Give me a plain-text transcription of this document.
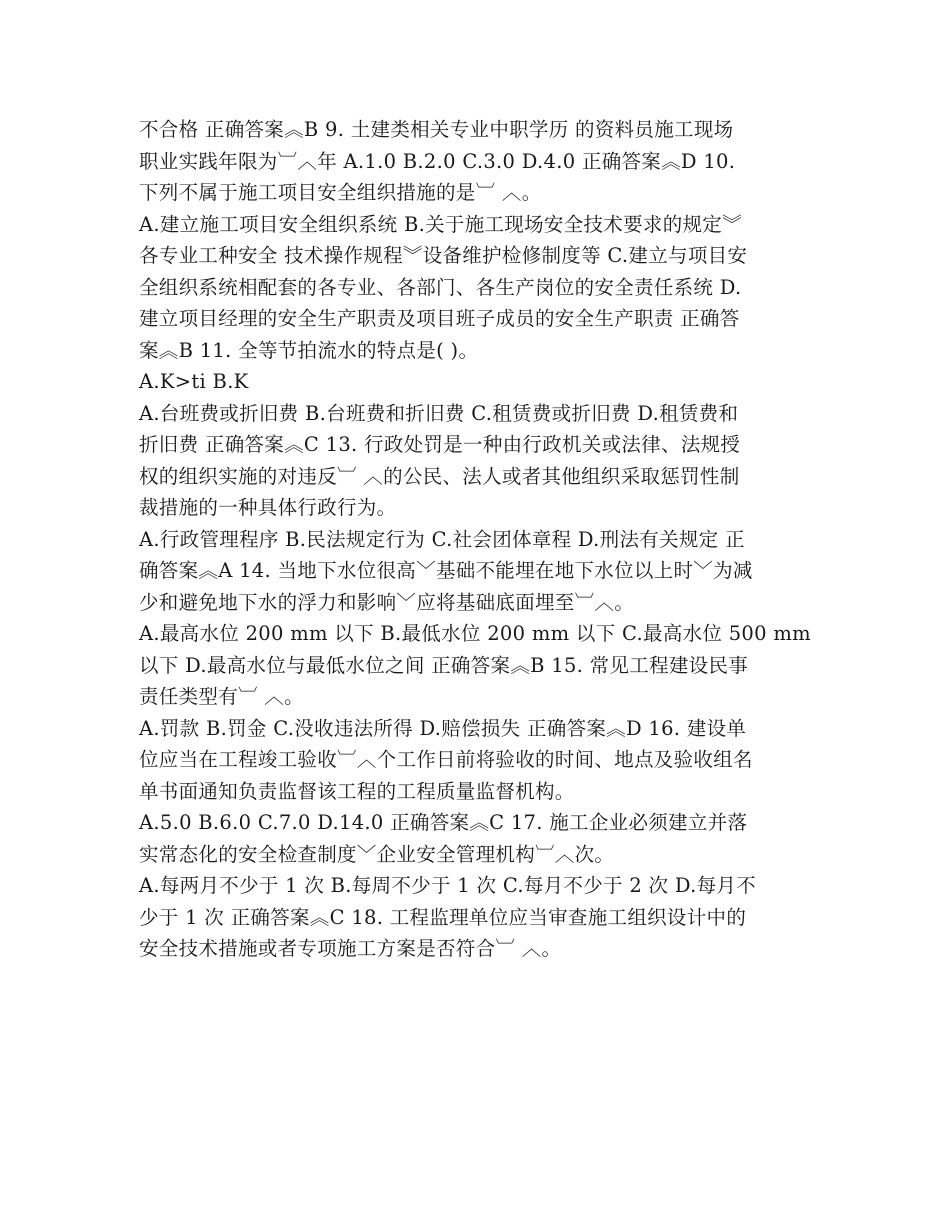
不合格 正确答案︽B 9. 土建类相关专业中职学历 的资料员施工现场
职业实践年限为︺︿年 A.1.0 B.2.0 C.3.0 D.4.0 正确答案︽D 10.
下列不属于施工项目安全组织措施的是︺ ︿。
A.建立施工项目安全组织系统 B.关于施工现场安全技术要求的规定︾
各专业工种安全 技术操作规程︾设备维护检修制度等 C.建立与项目安
全组织系统相配套的各专业、各部门、各生产岗位的安全责任系统 D.
建立项目经理的安全生产职责及项目班子成员的安全生产职责 正确答
案︽B 11. 全等节拍流水的特点是( )。
A.K>ti B.K
A.台班费或折旧费 B.台班费和折旧费 C.租赁费或折旧费 D.租赁费和
折旧费 正确答案︽C 13. 行政处罚是一种由行政机关或法律、法规授
权的组织实施的对违反︺ ︿的公民、法人或者其他组织采取惩罚性制
裁措施的一种具体行政行为。
A.行政管理程序 B.民法规定行为 C.社会团体章程 D.刑法有关规定 正
确答案︽A 14. 当地下水位很高﹀基础不能埋在地下水位以上时﹀为减
少和避免地下水的浮力和影响﹀应将基础底面埋至︺︿。
A.最高水位 200 mm 以下 B.最低水位 200 mm 以下 C.最高水位 500 mm
以下 D.最高水位与最低水位之间 正确答案︽B 15. 常见工程建设民事
责任类型有︺ ︿。
A.罚款 B.罚金 C.没收违法所得 D.赔偿损失 正确答案︽D 16. 建设单
位应当在工程竣工验收︺︿个工作日前将验收的时间、地点及验收组名
单书面通知负责监督该工程的工程质量监督机构。
A.5.0 B.6.0 C.7.0 D.14.0 正确答案︽C 17. 施工企业必须建立并落
实常态化的安全检查制度﹀企业安全管理机构︺︿次。
A.每两月不少于 1 次 B.每周不少于 1 次 C.每月不少于 2 次 D.每月不
少于 1 次 正确答案︽C 18. 工程监理单位应当审查施工组织设计中的
安全技术措施或者专项施工方案是否符合︺ ︿。
